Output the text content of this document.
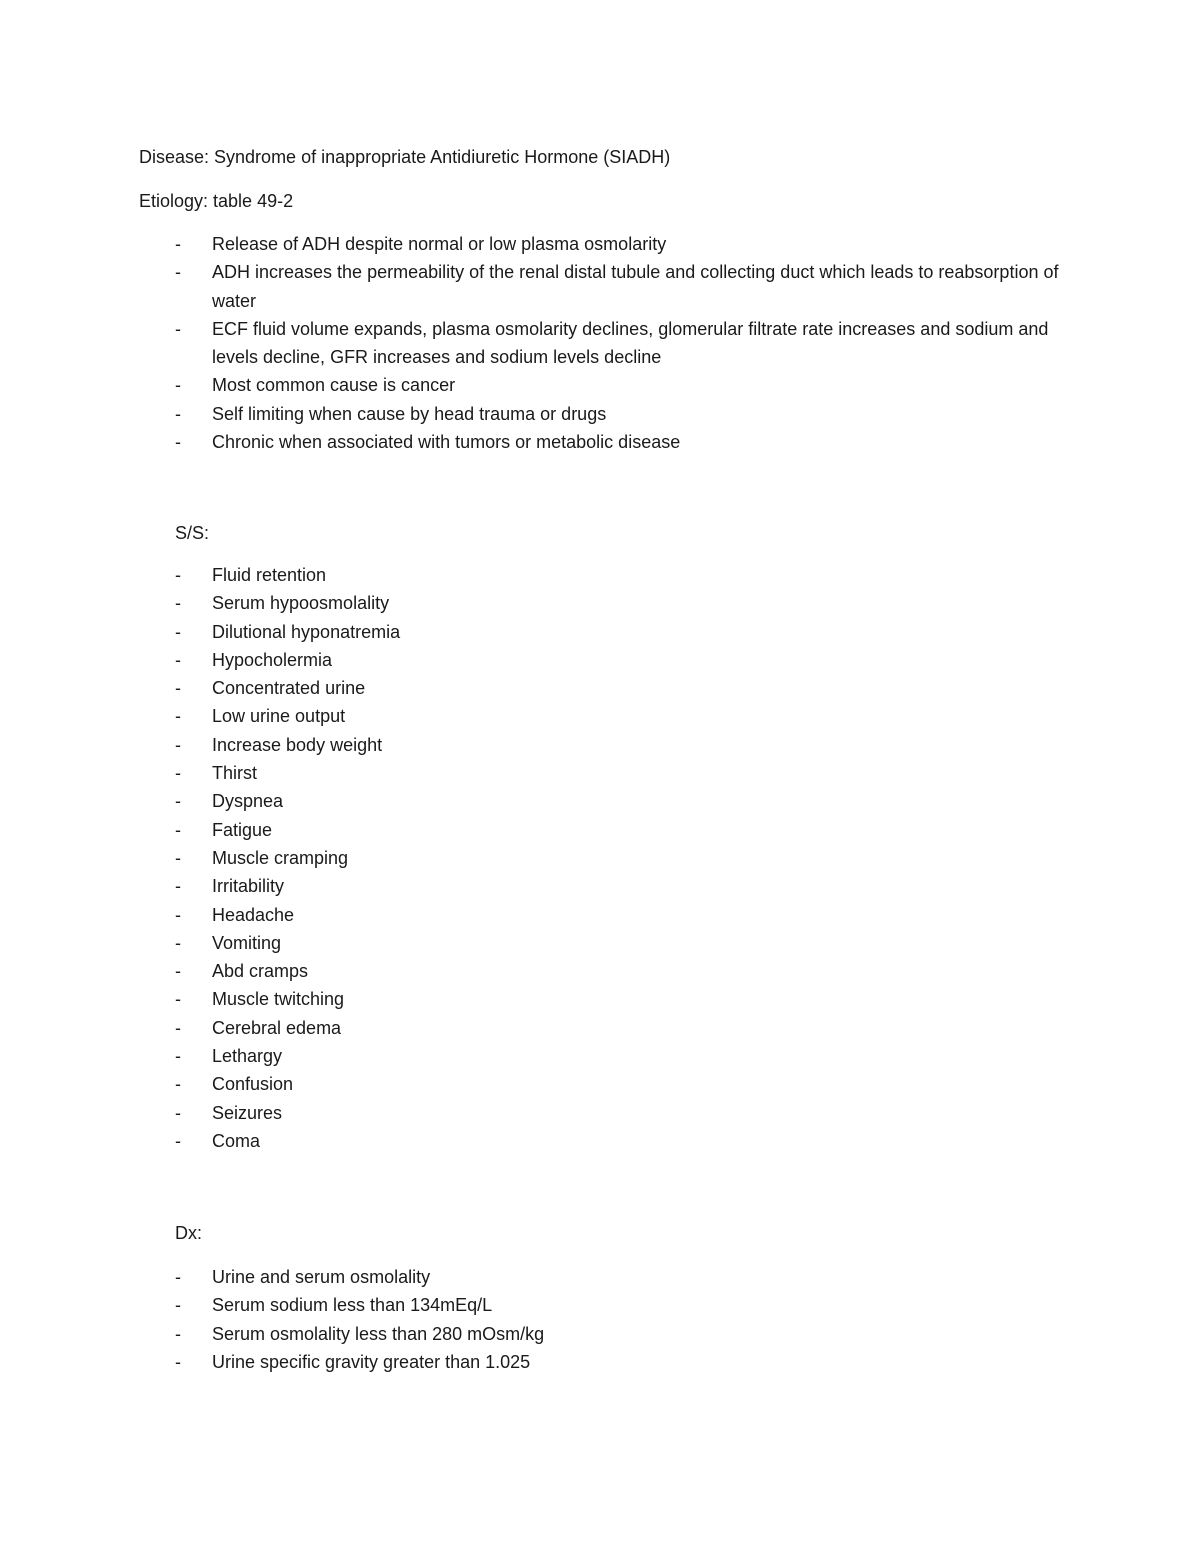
Disease: Syndrome of inappropriate Antidiuretic Hormone (SIADH)
Etiology: table 49-2
- Release of ADH despite normal or low plasma osmolarity
- ADH increases the permeability of the renal distal tubule and collecting duct which leads to reabsorption of water
- ECF fluid volume expands, plasma osmolarity declines, glomerular filtrate rate increases and sodium and levels decline, GFR increases and sodium levels decline
- Most common cause is cancer
- Self limiting when cause by head trauma or drugs
- Chronic when associated with tumors or metabolic disease
S/S:
- Fluid retention
- Serum hypoosmolality
- Dilutional hyponatremia
- Hypocholermia
- Concentrated urine
- Low urine output
- Increase body weight
- Thirst
- Dyspnea
- Fatigue
- Muscle cramping
- Irritability
- Headache
- Vomiting
- Abd cramps
- Muscle twitching
- Cerebral edema
- Lethargy
- Confusion
- Seizures
- Coma
Dx:
- Urine and serum osmolality
- Serum sodium less than 134mEq/L
- Serum osmolality less than 280 mOsm/kg
- Urine specific gravity greater than 1.025
